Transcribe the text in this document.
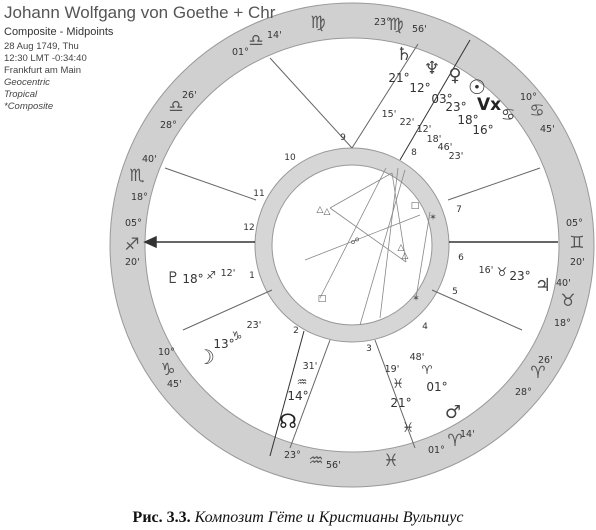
Johann Wolfgang von Goethe + Chr
Composite - Midpoints
28 Aug 1749, Thu
12:30 LMT -0:34:40
Frankfurt am Main
Geocentric
Tropical
*Composite
23°
56'
01°
14'
26'
28°
40'
18°
05°
20'
10°
45'
23°
56'
01°
14'
26'
28°
40'
18°
05°
20'
10°
45'
♍
♎
♎
♏
♐
♑
♒	♓
♈
♈
♉
♊
♋
♍
1
2
3
4
5
6
7
8
9
10
11
12
♄
♆ ♀ ☉
Vx ♋
♇ ♐
♑
☽
♒
☊
♓
♈
♂
♓
♉
♃
21°
12°
03°
23°
18°
16°
15'
22'
12'
18'
46'
23'
16'
18° 12'
23'
13°
31'
14°
48'
19'
01°
21°
23°
△ △
☍
△
△
□
□
✶
✶
Рис. 3.3. Композит Гёте и Кристианы Вульпиус
